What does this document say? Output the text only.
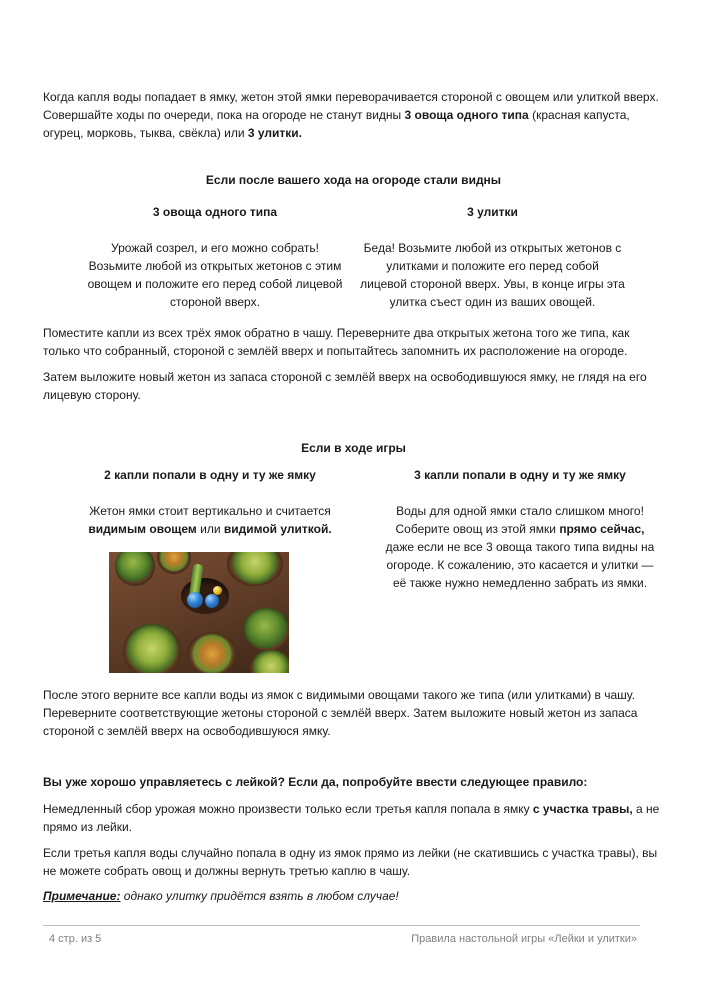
Когда капля воды попадает в ямку, жетон этой ямки переворачивается стороной с овощем или улиткой вверх.
Совершайте ходы по очереди, пока на огороде не станут видны 3 овоща одного типа (красная капуста,
огурец, морковь, тыква, свёкла) или 3 улитки.

Если после вашего хода на огороде стали видны

3 овоща одного типа

Урожай созрел, и его можно собрать!
Возьмите любой из открытых жетонов с этим
овощем и положите его перед собой лицевой
стороной вверх.

3 улитки

Беда! Возьмите любой из открытых жетонов с
улитками и положите его перед собой
лицевой стороной вверх. Увы, в конце игры эта
улитка съест один из ваших овощей.

Поместите капли из всех трёх ямок обратно в чашу. Переверните два открытых жетона того же типа, как
только что собранный, стороной с землёй вверх и попытайтесь запомнить их расположение на огороде.

Затем выложите новый жетон из запаса стороной с землёй вверх на освободившуюся ямку, не глядя на его
лицевую сторону.

Если в ходе игры

2 капли попали в одну и ту же ямку

Жетон ямки стоит вертикально и считается
видимым овощем или видимой улиткой.

3 капли попали в одну и ту же ямку

Воды для одной ямки стало слишком много!
Соберите овощ из этой ямки прямо сейчас,
даже если не все 3 овоща такого типа видны на
огороде. К сожалению, это касается и улитки —
её также нужно немедленно забрать из ямки.

После этого верните все капли воды из ямок с видимыми овощами такого же типа (или улитками) в чашу.
Переверните соответствующие жетоны стороной с землёй вверх. Затем выложите новый жетон из запаса
стороной с землёй вверх на освободившуюся ямку.

Вы уже хорошо управляетесь с лейкой? Если да, попробуйте ввести следующее правило:

Немедленный сбор урожая можно произвести только если третья капля попала в ямку с участка травы, а не
прямо из лейки.

Если третья капля воды случайно попала в одну из ямок прямо из лейки (не скатившись с участка травы), вы
не можете собрать овощ и должны вернуть третью каплю в чашу.

Примечание: однако улитку придётся взять в любом случае!

4 стр. из 5	Правила настольной игры «Лейки и улитки»
